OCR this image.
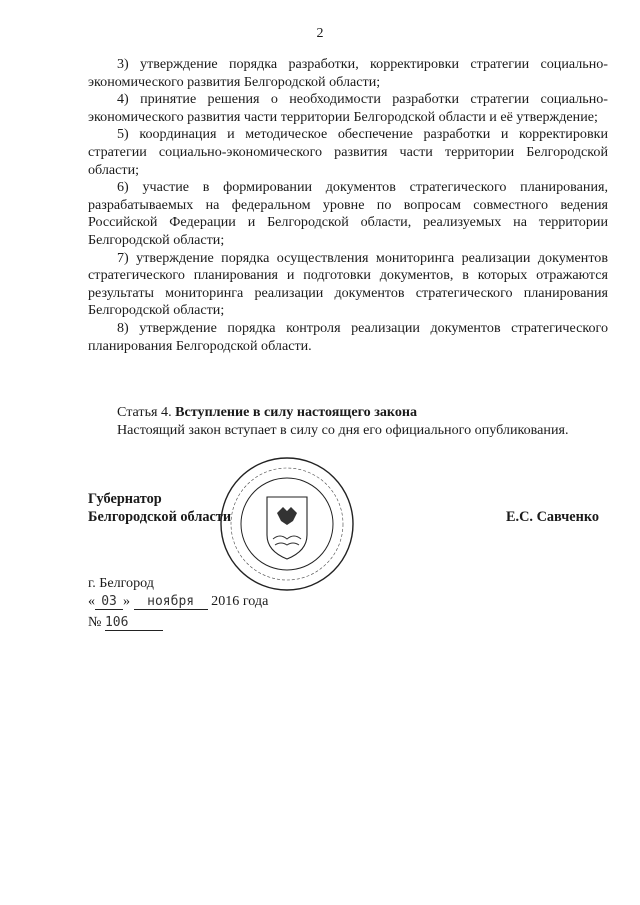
2

3) утверждение порядка разработки, корректировки стратегии социально-экономического развития Белгородской области;

4) принятие решения о необходимости разработки стратегии социально-экономического развития части территории Белгородской области и её утверждение;

5) координация и методическое обеспечение разработки и корректировки стратегии социально-экономического развития части территории Белгородской области;

6) участие в формировании документов стратегического планирования, разрабатываемых на федеральном уровне по вопросам совместного ведения Российской Федерации и Белгородской области, реализуемых на территории Белгородской области;

7) утверждение порядка осуществления мониторинга реализации документов стратегического планирования и подготовки документов, в которых отражаются результаты мониторинга реализации документов стратегического планирования Белгородской области;

8) утверждение порядка контроля реализации документов стратегического планирования Белгородской области.

Статья 4. Вступление в силу настоящего закона

Настоящий закон вступает в силу со дня его официального опубликования.

Губернатор
Белгородской области	Е.С. Савченко
г. Белгород
« 03 » ноября 2016 года
№ 106
